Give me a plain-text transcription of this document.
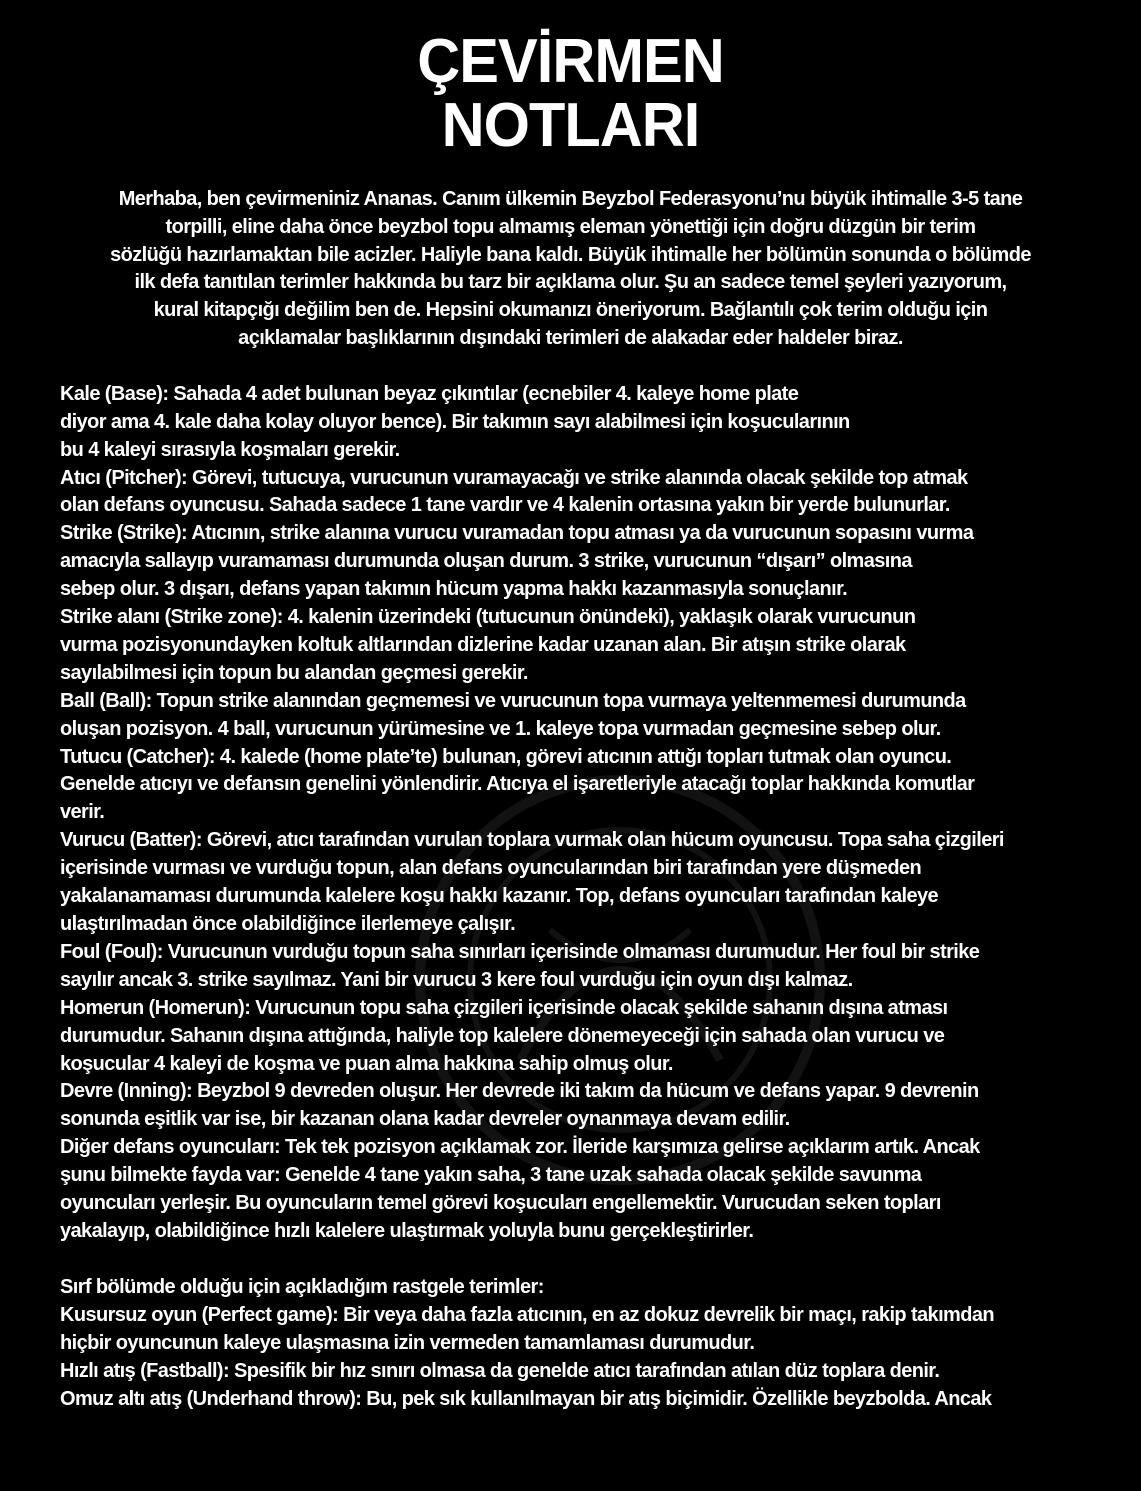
ÇEVİRMEN
NOTLARI
Merhaba, ben çevirmeniniz Ananas. Canım ülkemin Beyzbol Federasyonu’nu büyük ihtimalle 3-5 tane
torpilli, eline daha önce beyzbol topu almamış eleman yönettiği için doğru düzgün bir terim
sözlüğü hazırlamaktan bile acizler. Haliyle bana kaldı. Büyük ihtimalle her bölümün sonunda o bölümde
ilk defa tanıtılan terimler hakkında bu tarz bir açıklama olur. Şu an sadece temel şeyleri yazıyorum,
kural kitapçığı değilim ben de. Hepsini okumanızı öneriyorum. Bağlantılı çok terim olduğu için
açıklamalar başlıklarının dışındaki terimleri de alakadar eder haldeler biraz.
Kale (Base): Sahada 4 adet bulunan beyaz çıkıntılar (ecnebiler 4. kaleye home plate
diyor ama 4. kale daha kolay oluyor bence). Bir takımın sayı alabilmesi için koşucularının
bu 4 kaleyi sırasıyla koşmaları gerekir.
Atıcı (Pitcher): Görevi, tutucuya, vurucunun vuramayacağı ve strike alanında olacak şekilde top atmak
olan defans oyuncusu. Sahada sadece 1 tane vardır ve 4 kalenin ortasına yakın bir yerde bulunurlar.
Strike (Strike): Atıcının, strike alanına vurucu vuramadan topu atması ya da vurucunun sopasını vurma
amacıyla sallayıp vuramaması durumunda oluşan durum. 3 strike, vurucunun “dışarı” olmasına
sebep olur. 3 dışarı, defans yapan takımın hücum yapma hakkı kazanmasıyla sonuçlanır.
Strike alanı (Strike zone): 4. kalenin üzerindeki (tutucunun önündeki), yaklaşık olarak vurucunun
vurma pozisyonundayken koltuk altlarından dizlerine kadar uzanan alan. Bir atışın strike olarak
sayılabilmesi için topun bu alandan geçmesi gerekir.
Ball (Ball): Topun strike alanından geçmemesi ve vurucunun topa vurmaya yeltenmemesi durumunda
oluşan pozisyon. 4 ball, vurucunun yürümesine ve 1. kaleye topa vurmadan geçmesine sebep olur.
Tutucu (Catcher): 4. kalede (home plate’te) bulunan, görevi atıcının attığı topları tutmak olan oyuncu.
Genelde atıcıyı ve defansın genelini yönlendirir. Atıcıya el işaretleriyle atacağı toplar hakkında komutlar
verir.
Vurucu (Batter): Görevi, atıcı tarafından vurulan toplara vurmak olan hücum oyuncusu. Topa saha çizgileri
içerisinde vurması ve vurduğu topun, alan defans oyuncularından biri tarafından yere düşmeden
yakalanamaması durumunda kalelere koşu hakkı kazanır. Top, defans oyuncuları tarafından kaleye
ulaştırılmadan önce olabildiğince ilerlemeye çalışır.
Foul (Foul): Vurucunun vurduğu topun saha sınırları içerisinde olmaması durumudur. Her foul bir strike
sayılır ancak 3. strike sayılmaz. Yani bir vurucu 3 kere foul vurduğu için oyun dışı kalmaz.
Homerun (Homerun): Vurucunun topu saha çizgileri içerisinde olacak şekilde sahanın dışına atması
durumudur. Sahanın dışına attığında, haliyle top kalelere dönemeyeceği için sahada olan vurucu ve
koşucular 4 kaleyi de koşma ve puan alma hakkına sahip olmuş olur.
Devre (Inning): Beyzbol 9 devreden oluşur. Her devrede iki takım da hücum ve defans yapar. 9 devrenin
sonunda eşitlik var ise, bir kazanan olana kadar devreler oynanmaya devam edilir.
Diğer defans oyuncuları: Tek tek pozisyon açıklamak zor. İleride karşımıza gelirse açıklarım artık. Ancak
şunu bilmekte fayda var: Genelde 4 tane yakın saha, 3 tane uzak sahada olacak şekilde savunma
oyuncuları yerleşir. Bu oyuncuların temel görevi koşucuları engellemektir. Vurucudan seken topları
yakalayıp, olabildiğince hızlı kalelere ulaştırmak yoluyla bunu gerçekleştirirler.
Sırf bölümde olduğu için açıkladığım rastgele terimler:
Kusursuz oyun (Perfect game): Bir veya daha fazla atıcının, en az dokuz devrelik bir maçı, rakip takımdan
hiçbir oyuncunun kaleye ulaşmasına izin vermeden tamamlaması durumudur.
Hızlı atış (Fastball): Spesifik bir hız sınırı olmasa da genelde atıcı tarafından atılan düz toplara denir.
Omuz altı atış (Underhand throw): Bu, pek sık kullanılmayan bir atış biçimidir. Özellikle beyzbolda. Ancak
